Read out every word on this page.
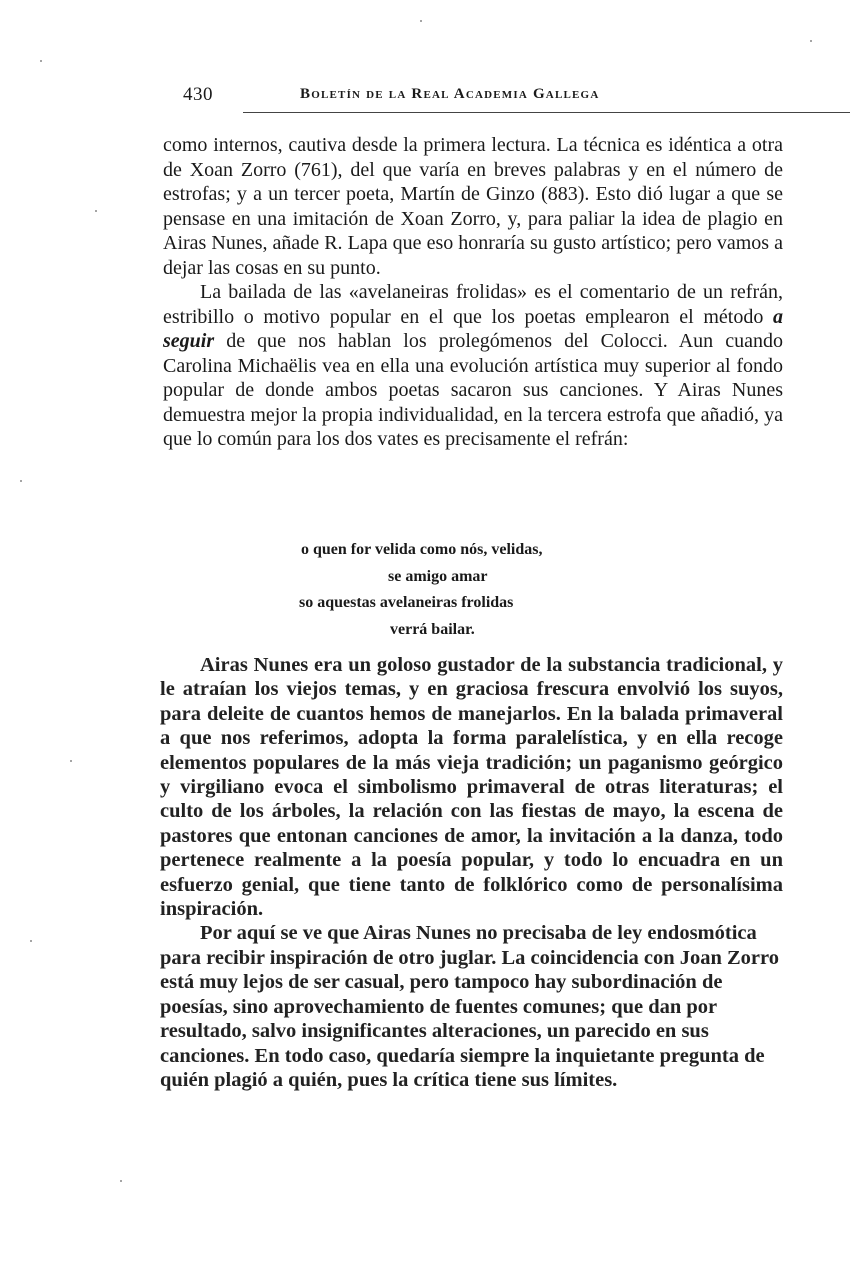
430	Boletín de la Real Academia Gallega

como internos, cautiva desde la primera lectura. La técnica es idéntica a otra de Xoan Zorro (761), del que varía en breves palabras y en el número de estrofas; y a un tercer poeta, Martín de Ginzo (883). Esto dió lugar a que se pensase en una imitación de Xoan Zorro, y, para paliar la idea de plagio en Airas Nunes, añade R. Lapa que eso honraría su gusto artístico; pero vamos a dejar las cosas en su punto.

La bailada de las «avelaneiras frolidas» es el comentario de un refrán, estribillo o motivo popular en el que los poetas emplearon el método a seguir de que nos hablan los prolegómenos del Colocci. Aun cuando Carolina Michaëlis vea en ella una evolución artística muy superior al fondo popular de donde ambos poetas sacaron sus canciones. Y Airas Nunes demuestra mejor la propia individualidad, en la tercera estrofa que añadió, ya que lo común para los dos vates es precisamente el refrán:

o quen for velida como nós, velidas,
se amigo amar
so aquestas avelaneiras frolidas
verrá bailar.

Airas Nunes era un goloso gustador de la substancia tradicional, y le atraían los viejos temas, y en graciosa frescura envolvió los suyos, para deleite de cuantos hemos de manejarlos. En la balada primaveral a que nos referimos, adopta la forma paralelística, y en ella recoge elementos populares de la más vieja tradición; un paganismo geórgico y virgiliano evoca el simbolismo primaveral de otras literaturas; el culto de los árboles, la relación con las fiestas de mayo, la escena de pastores que entonan canciones de amor, la invitación a la danza, todo pertenece realmente a la poesía popular, y todo lo encuadra en un esfuerzo genial, que tiene tanto de folklórico como de personalísima inspiración.

Por aquí se ve que Airas Nunes no precisaba de ley endosmótica para recibir inspiración de otro juglar. La coincidencia con Joan Zorro está muy lejos de ser casual, pero tampoco hay subordinación de poesías, sino aprovechamiento de fuentes comunes; que dan por resultado, salvo insignificantes alteraciones, un parecido en sus canciones. En todo caso, quedaría siempre la inquietante pregunta de quién plagió a quién, pues la crítica tiene sus límites.
